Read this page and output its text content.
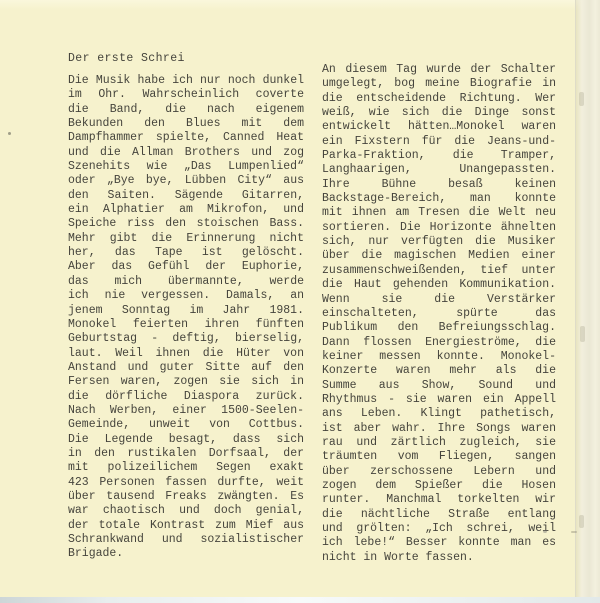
Der erste Schrei
Die Musik habe ich nur noch dunkel
im Ohr. Wahrscheinlich coverte
die Band, die nach eigenem
Bekunden den Blues mit dem
Dampfhammer spielte, Canned Heat
und die Allman Brothers und zog
Szenehits wie „Das Lumpenlied“
oder „Bye bye, Lübben City“ aus
den Saiten. Sägende Gitarren,
ein Alphatier am Mikrofon, und
Speiche riss den stoischen Bass.
Mehr gibt die Erinnerung nicht
her, das Tape ist gelöscht.
Aber das Gefühl der Euphorie,
das mich übermannte, werde
ich nie vergessen. Damals, an
jenem Sonntag im Jahr 1981.
Monokel feierten ihren fünften
Geburtstag - deftig, bierselig,
laut. Weil ihnen die Hüter von
Anstand und guter Sitte auf den
Fersen waren, zogen sie sich in
die dörfliche Diaspora zurück.
Nach Werben, einer 1500-Seelen-
Gemeinde, unweit von Cottbus.
Die Legende besagt, dass sich
in den rustikalen Dorfsaal, der
mit polizeilichem Segen exakt
423 Personen fassen durfte, weit
über tausend Freaks zwängten. Es
war chaotisch und doch genial,
der totale Kontrast zum Mief aus
Schrankwand und sozialistischer
Brigade.
An diesem Tag wurde der Schalter
umgelegt, bog meine Biografie in
die entscheidende Richtung. Wer
weiß, wie sich die Dinge sonst
entwickelt hätten…Monokel waren
ein Fixstern für die Jeans-und-
Parka-Fraktion, die Tramper,
Langhaarigen, Unangepassten.
Ihre Bühne besaß keinen
Backstage-Bereich, man konnte
mit ihnen am Tresen die Welt neu
sortieren. Die Horizonte ähnelten
sich, nur verfügten die Musiker
über die magischen Medien einer
zusammenschweißenden, tief unter
die Haut gehenden Kommunikation.
Wenn sie die Verstärker
einschalteten, spürte das
Publikum den Befreiungsschlag.
Dann flossen Energieströme, die
keiner messen konnte. Monokel-
Konzerte waren mehr als die
Summe aus Show, Sound und
Rhythmus - sie waren ein Appell
ans Leben. Klingt pathetisch,
ist aber wahr. Ihre Songs waren
rau und zärtlich zugleich, sie
träumten vom Fliegen, sangen
über zerschossene Lebern und
zogen dem Spießer die Hosen
runter. Manchmal torkelten wir
die nächtliche Straße entlang
und grölten: „Ich schrei, weil
ich lebe!“ Besser konnte man es
nicht in Worte fassen.
